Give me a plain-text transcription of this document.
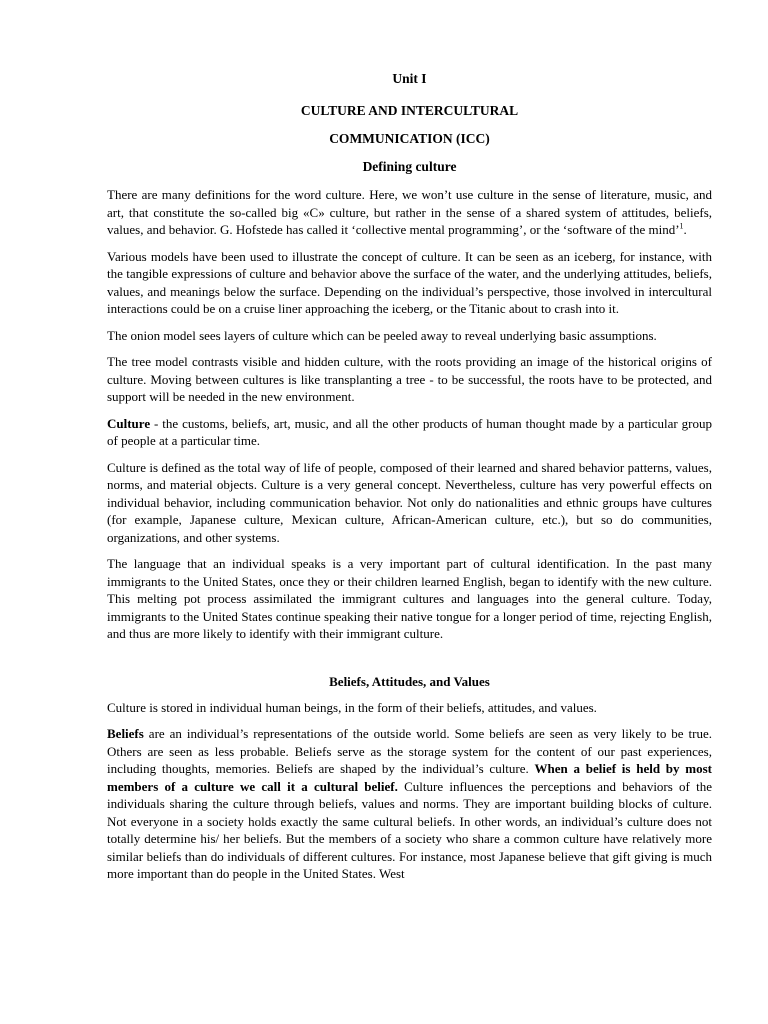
Unit I
CULTURE AND INTERCULTURAL
COMMUNICATION (ICC)
Defining culture

There are many definitions for the word culture. Here, we won’t use culture in the sense of literature, music, and art, that constitute the so-called big «C» culture, but rather in the sense of a shared system of attitudes, beliefs, values, and behavior. G. Hofstede has called it ‘collective mental programming’, or the ‘software of the mind’$^1$.

Various models have been used to illustrate the concept of culture. It can be seen as an iceberg, for instance, with the tangible expressions of culture and behavior above the surface of the water, and the underlying attitudes, beliefs, values, and meanings below the surface. Depending on the individual’s perspective, those involved in intercultural interactions could be on a cruise liner approaching the iceberg, or the Titanic about to crash into it.

The onion model sees layers of culture which can be peeled away to reveal underlying basic assumptions.

The tree model contrasts visible and hidden culture, with the roots providing an image of the historical origins of culture. Moving between cultures is like transplanting a tree - to be successful, the roots have to be protected, and support will be needed in the new environment.

Culture - the customs, beliefs, art, music, and all the other products of human thought made by a particular group of people at a particular time.

Culture is defined as the total way of life of people, composed of their learned and shared behavior patterns, values, norms, and material objects. Culture is a very general concept. Nevertheless, culture has very powerful effects on individual behavior, including communication behavior. Not only do nationalities and ethnic groups have cultures (for example, Japanese culture, Mexican culture, African-American culture, etc.), but so do communities, organizations, and other systems.

The language that an individual speaks is a very important part of cultural identification. In the past many immigrants to the United States, once they or their children learned English, began to identify with the new culture. This melting pot process assimilated the immigrant cultures and languages into the general culture. Today, immigrants to the United States continue speaking their native tongue for a longer period of time, rejecting English, and thus are more likely to identify with their immigrant culture.

Beliefs, Attitudes, and Values

Culture is stored in individual human beings, in the form of their beliefs, attitudes, and values.

Beliefs are an individual’s representations of the outside world. Some beliefs are seen as very likely to be true. Others are seen as less probable. Beliefs serve as the storage system for the content of our past experiences, including thoughts, memories. Beliefs are shaped by the individual’s culture. When a belief is held by most members of a culture we call it a cultural belief. Culture influences the perceptions and behaviors of the individuals sharing the culture through beliefs, values and norms. They are important building blocks of culture. Not everyone in a society holds exactly the same cultural beliefs. In other words, an individual’s culture does not totally determine his/ her beliefs. But the members of a society who share a common culture have relatively more similar beliefs than do individuals of different cultures. For instance, most Japanese believe that gift giving is much more important than do people in the United States. West
